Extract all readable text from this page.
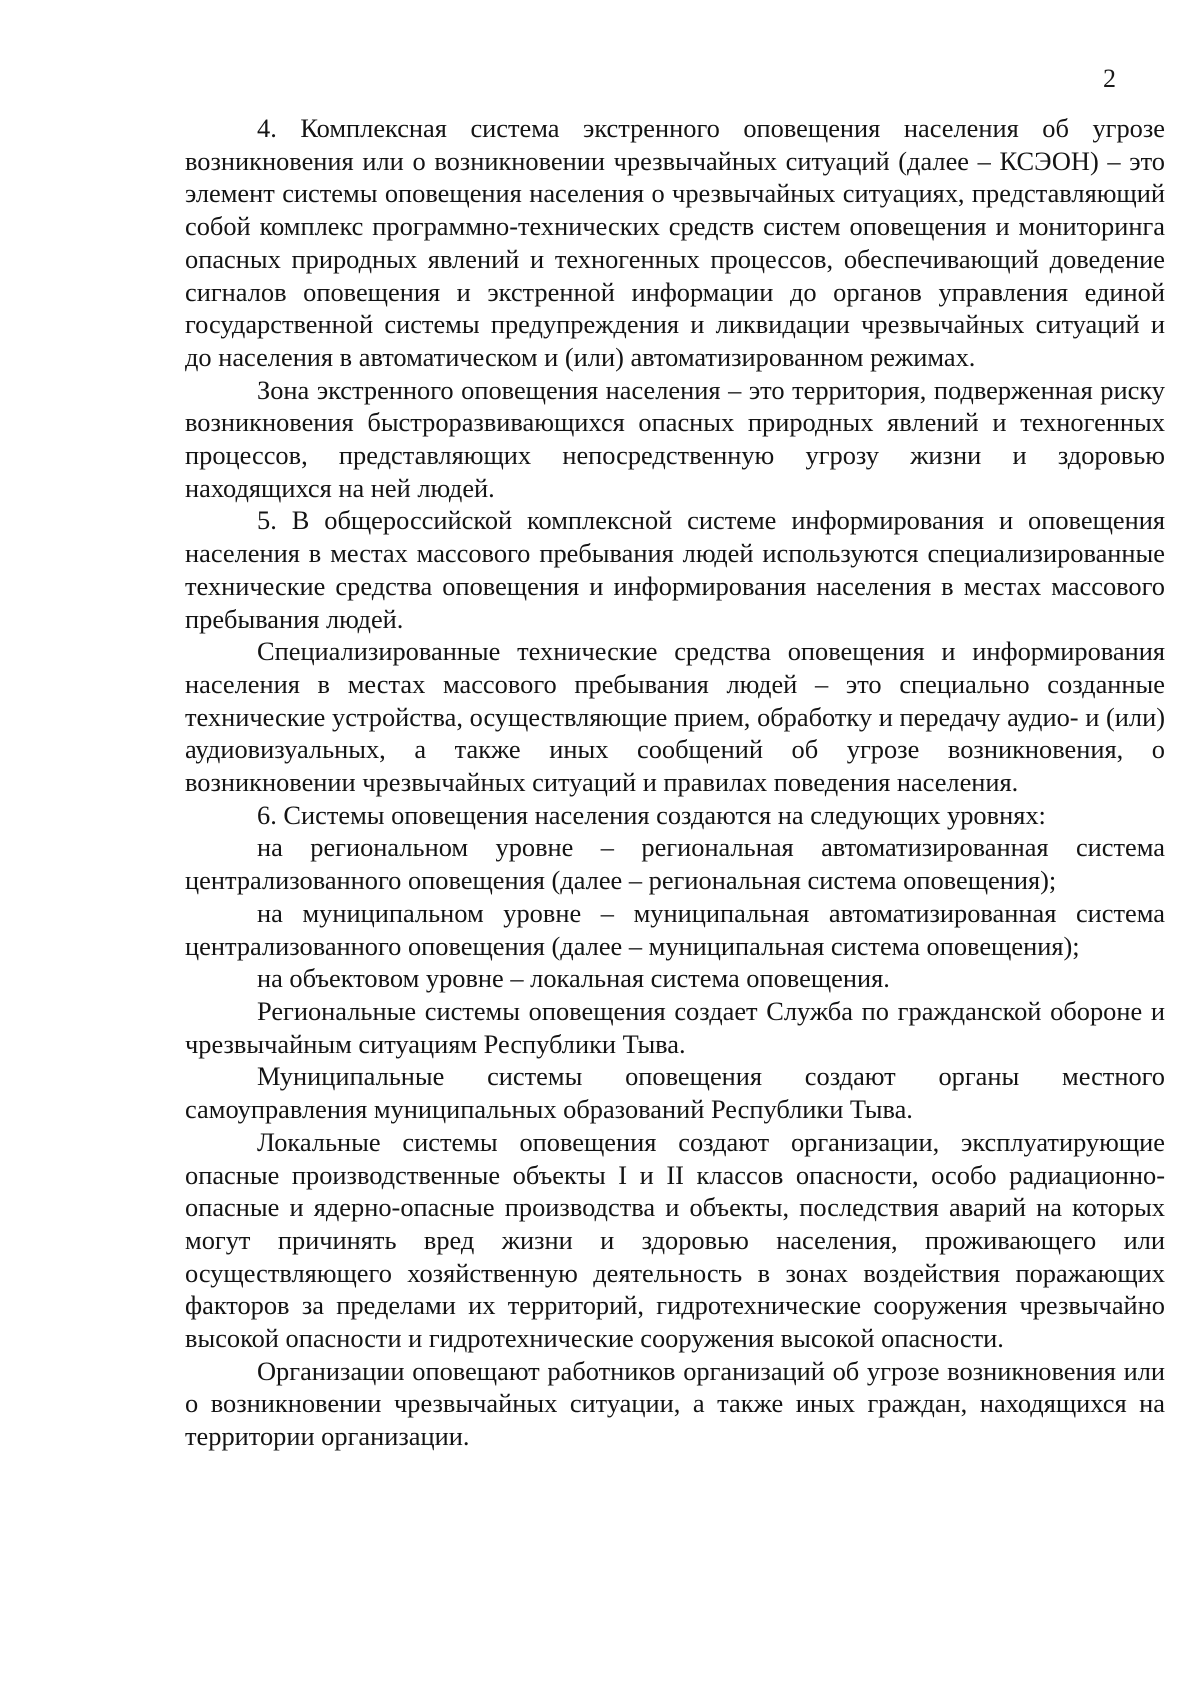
2

4. Комплексная система экстренного оповещения населения об угрозе возникновения или о возникновении чрезвычайных ситуаций (далее – КСЭОН) – это элемент системы оповещения населения о чрезвычайных ситуациях, представляющий собой комплекс программно-технических средств систем оповещения и мониторинга опасных природных явлений и техногенных процессов, обеспечивающий доведение сигналов оповещения и экстренной информации до органов управления единой государственной системы предупреждения и ликвидации чрезвычайных ситуаций и до населения в автоматическом и (или) автоматизированном режимах.

Зона экстренного оповещения населения – это территория, подверженная риску возникновения быстроразвивающихся опасных природных явлений и техногенных процессов, представляющих непосредственную угрозу жизни и здоровью находящихся на ней людей.

5. В общероссийской комплексной системе информирования и оповещения населения в местах массового пребывания людей используются специализированные технические средства оповещения и информирования населения в местах массового пребывания людей.

Специализированные технические средства оповещения и информирования населения в местах массового пребывания людей – это специально созданные технические устройства, осуществляющие прием, обработку и передачу аудио- и (или) аудиовизуальных, а также иных сообщений об угрозе возникновения, о возникновении чрезвычайных ситуаций и правилах поведения населения.

6. Системы оповещения населения создаются на следующих уровнях:

на региональном уровне – региональная автоматизированная система централизованного оповещения (далее – региональная система оповещения);

на муниципальном уровне – муниципальная автоматизированная система централизованного оповещения (далее – муниципальная система оповещения);

на объектовом уровне – локальная система оповещения.

Региональные системы оповещения создает Служба по гражданской обороне и чрезвычайным ситуациям Республики Тыва.

Муниципальные системы оповещения создают органы местного самоуправления муниципальных образований Республики Тыва.

Локальные системы оповещения создают организации, эксплуатирующие опасные производственные объекты I и II классов опасности, особо радиационно-опасные и ядерно-опасные производства и объекты, последствия аварий на которых могут причинять вред жизни и здоровью населения, проживающего или осуществляющего хозяйственную деятельность в зонах воздействия поражающих факторов за пределами их территорий, гидротехнические сооружения чрезвычайно высокой опасности и гидротехнические сооружения высокой опасности.

Организации оповещают работников организаций об угрозе возникновения или о возникновении чрезвычайных ситуации, а также иных граждан, находящихся на территории организации.
